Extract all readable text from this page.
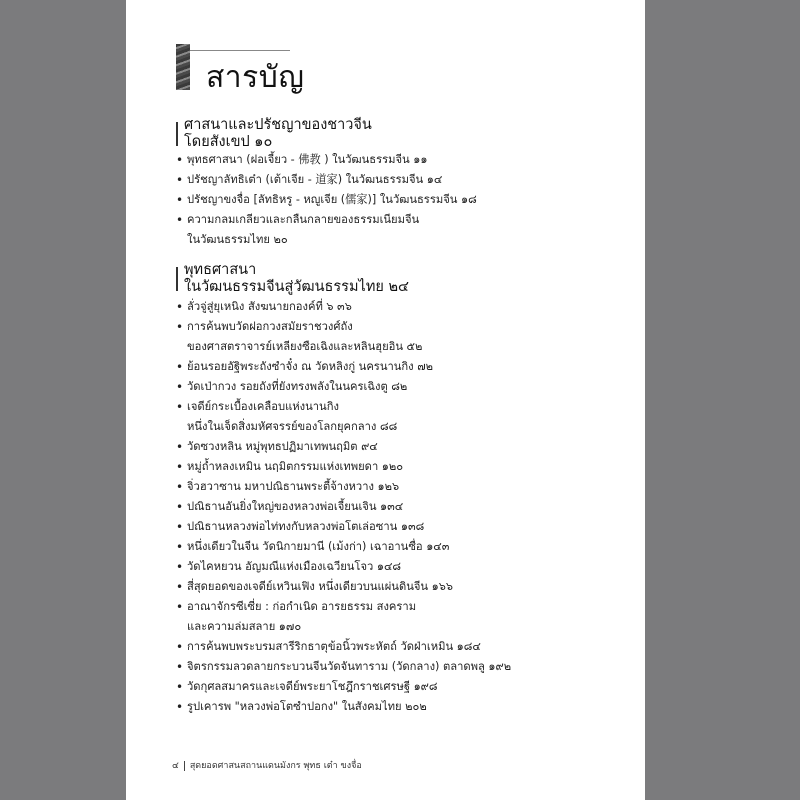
สารบัญ
ศาสนาและปรัชญาของชาวจีน
โดยสังเขป ๑๐
• พุทธศาสนา (ฝอเจี้ยว - 佛教 ) ในวัฒนธรรมจีน ๑๑
• ปรัชญาลัทธิเต๋า (เต้าเจีย - 道家) ในวัฒนธรรมจีน ๑๔
• ปรัชญาขงจื่อ [ลัทธิหรู - หญูเจีย (儒家)] ในวัฒนธรรมจีน ๑๘
• ความกลมเกลียวและกลืนกลายของธรรมเนียมจีน
ในวัฒนธรรมไทย ๒๐
พุทธศาสนา
ในวัฒนธรรมจีนสู่วัฒนธรรมไทย ๒๔
• ลั่วจู่สู่ยุเหนิง สังฆนายกองค์ที่ ๖ ๓๖
• การค้นพบวัดฝอกวงสมัยราชวงศ์ถัง
ของศาสตราจารย์เหลียงซือเฉิงและหลินฮุยอิน ๕๒
• ย้อนรอยอัฐิพระถังซำจั๋ง ณ วัดหลิงกู่ นครนานกิง ๗๒
• วัดเป่ากวง รอยถังที่ยังทรงพลังในนครเฉิงตู ๘๒
• เจดีย์กระเบื้องเคลือบแห่งนานกิง
หนึ่งในเจ็ดสิ่งมหัศจรรย์ของโลกยุคกลาง ๘๘
• วัดซวงหลิน หมู่พุทธปฏิมาเทพนฤมิต ๙๔
• หมู่ถ้ำหลงเหมิน นฤมิตกรรมแห่งเทพยดา ๑๒๐
• จิ่วฮวาซาน มหาปณิธานพระตี้จ้างหวาง ๑๒๖
• ปณิธานอันยิ่งใหญ่ของหลวงพ่อเจี้ยนเจิน ๑๓๔
• ปณิธานหลวงพ่อไท่ทงกับหลวงพ่อโตเล่อซาน ๑๓๘
• หนึ่งเดียวในจีน วัดนิกายมานี (เม้งก่า) เฉาอานซื่อ ๑๔๓
• วัดไคหยวน อัญมณีแห่งเมืองเฉวียนโจว ๑๔๘
• สี่สุดยอดของเจดีย์เหวินเฟิง หนึ่งเดียวบนแผ่นดินจีน ๑๖๖
• อาณาจักรซีเซี่ย : ก่อกำเนิด อารยธรรม สงคราม
และความล่มสลาย ๑๗๐
• การค้นพบพระบรมสารีริกธาตุข้อนิ้วพระหัตถ์ วัดฝ่าเหมิน ๑๘๔
• จิตรกรรมลวดลายกระบวนจีนวัดจันทาราม (วัดกลาง) ตลาดพลู ๑๙๒
• วัดกุศลสมาครและเจดีย์พระยาโชฎึกราชเศรษฐี ๑๙๘
• รูปเคารพ "หลวงพ่อโตซำปอกง" ในสังคมไทย ๒๐๒
๔ สุดยอดศาสนสถานแดนมังกร พุทธ เต๋า ขงจื่อ
